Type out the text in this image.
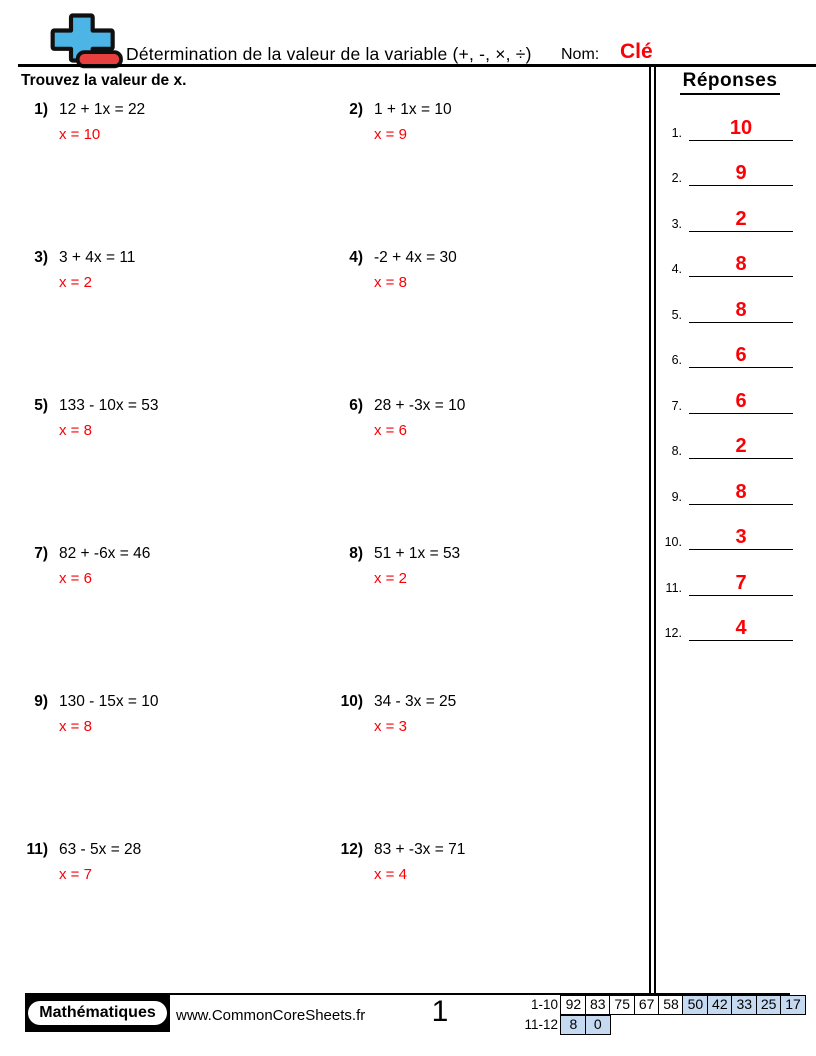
Détermination de la valeur de la variable (+, -, ×, ÷) Nom: Clé
Trouvez la valeur de x.
1) 12 + 1x = 22
x = 10
2) 1 + 1x = 10
x = 9
3) 3 + 4x = 11
x = 2
4) -2 + 4x = 30
x = 8
5) 133 - 10x = 53
x = 8
6) 28 + -3x = 10
x = 6
7) 82 + -6x = 46
x = 6
8) 51 + 1x = 53
x = 2
9) 130 - 15x = 10
x = 8
10) 34 - 3x = 25
x = 3
11) 63 - 5x = 28
x = 7
12) 83 + -3x = 71
x = 4
Réponses
1.	10
2.	9
3.	2
4.	8
5.	8
6.	6
7.	6
8.	2
9.	8
10.	3
11.	7
12.	4
Mathématiques	www.CommonCoreSheets.fr	1	1-10 92 83 75 67 58 50 42 33 25 17
11-12 8	0
